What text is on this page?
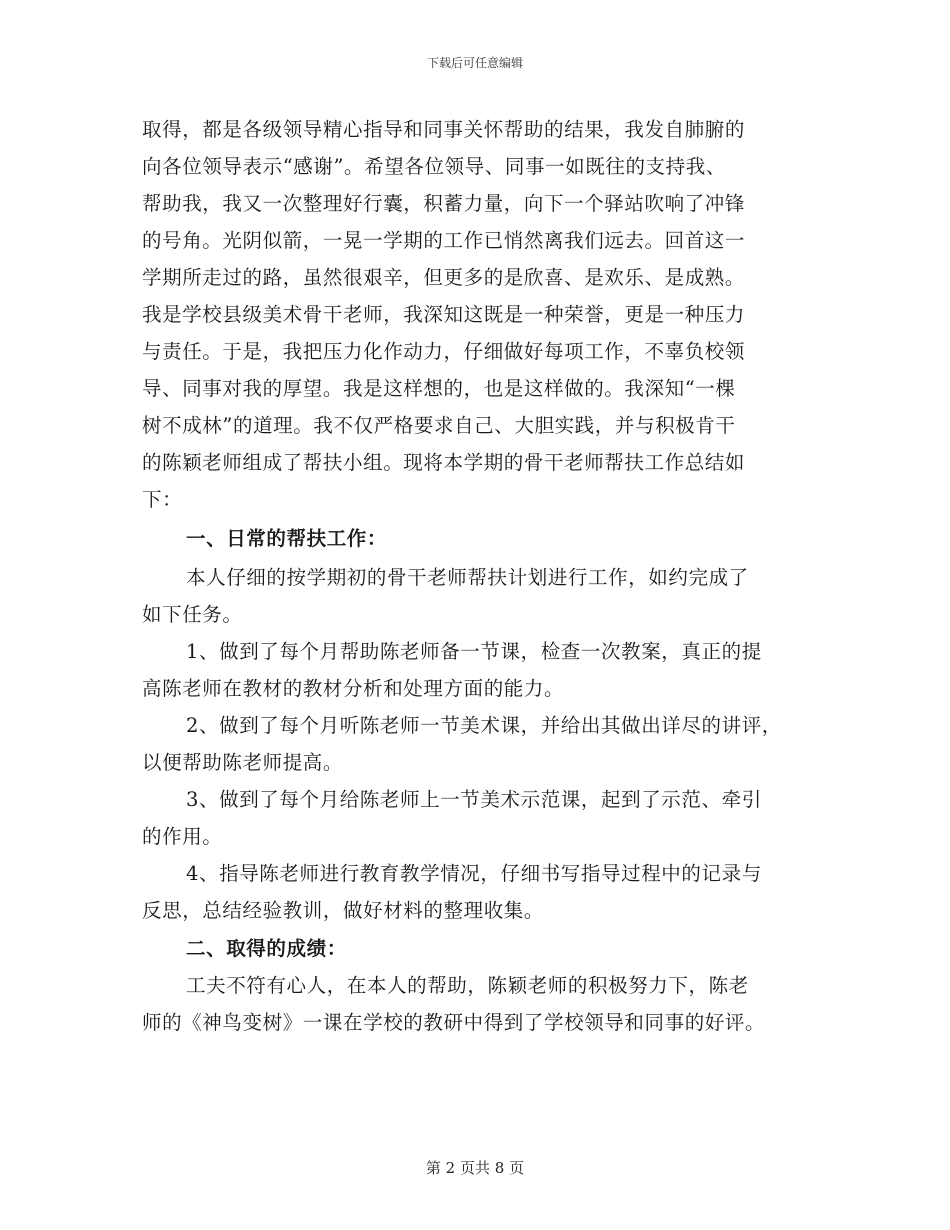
下载后可任意编辑
取得，都是各级领导精心指导和同事关怀帮助的结果，我发自肺腑的
向各位领导表示“感谢”。希望各位领导、同事一如既往的支持我、
帮助我，我又一次整理好行囊，积蓄力量，向下一个驿站吹响了冲锋
的号角。光阴似箭，一晃一学期的工作已悄然离我们远去。回首这一
学期所走过的路，虽然很艰辛，但更多的是欣喜、是欢乐、是成熟。
我是学校县级美术骨干老师，我深知这既是一种荣誉，更是一种压力
与责任。于是，我把压力化作动力，仔细做好每项工作，不辜负校领
导、同事对我的厚望。我是这样想的，也是这样做的。我深知“一棵
树不成林”的道理。我不仅严格要求自己、大胆实践，并与积极肯干
的陈颖老师组成了帮扶小组。现将本学期的骨干老师帮扶工作总结如
下：
一、日常的帮扶工作：
本人仔细的按学期初的骨干老师帮扶计划进行工作，如约完成了
如下任务。
1、做到了每个月帮助陈老师备一节课，检查一次教案，真正的提
高陈老师在教材的教材分析和处理方面的能力。
2、做到了每个月听陈老师一节美术课，并给出其做出详尽的讲评，
以便帮助陈老师提高。
3、做到了每个月给陈老师上一节美术示范课，起到了示范、牵引
的作用。
4、指导陈老师进行教育教学情况，仔细书写指导过程中的记录与
反思，总结经验教训，做好材料的整理收集。
二、取得的成绩：
工夫不符有心人，在本人的帮助，陈颖老师的积极努力下，陈老
师的《神鸟变树》一课在学校的教研中得到了学校领导和同事的好评。
第 2 页共 8 页
